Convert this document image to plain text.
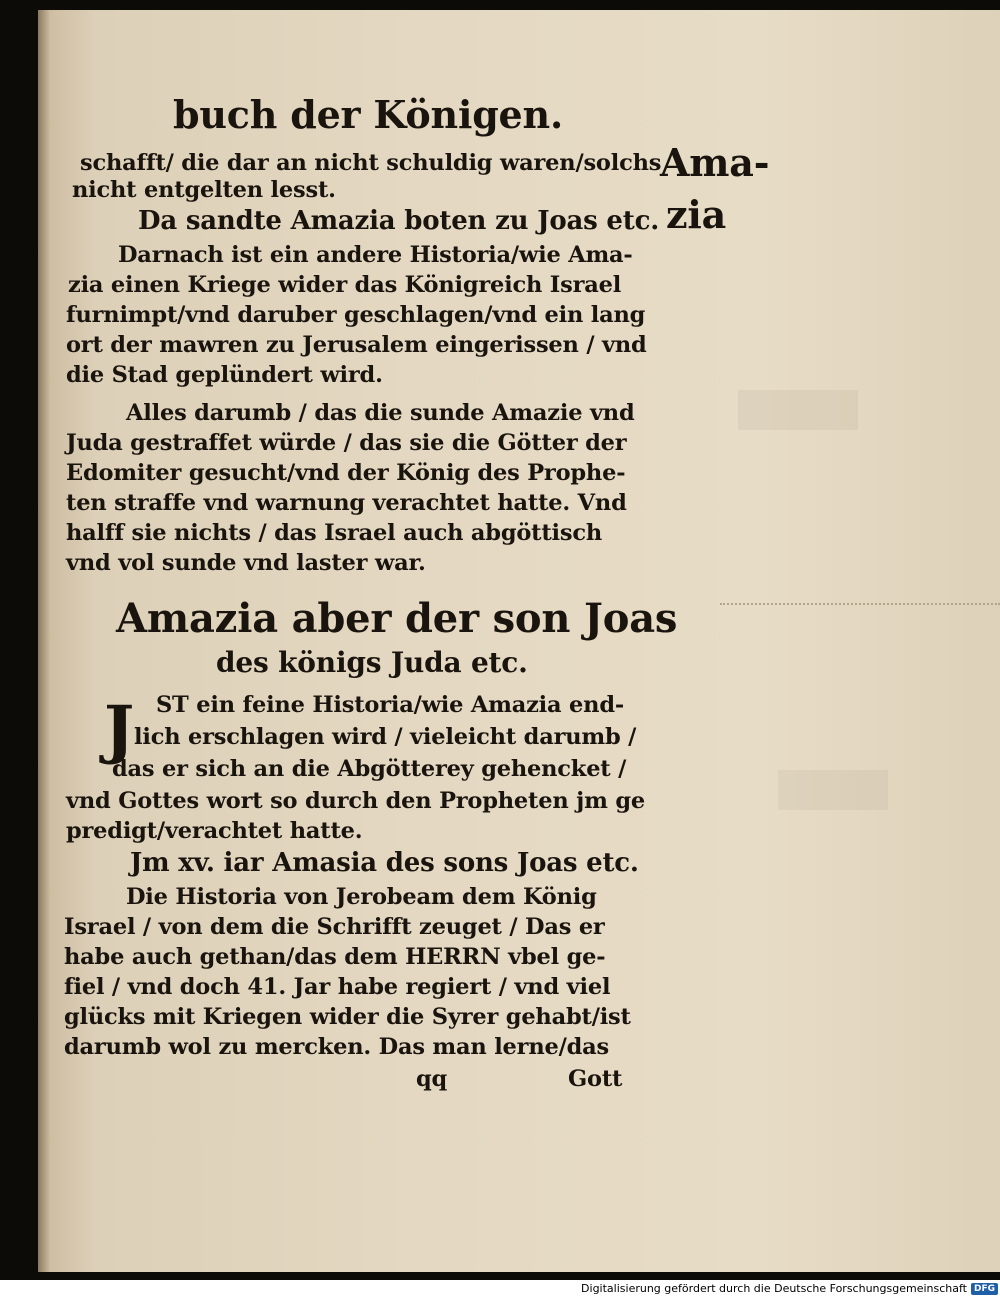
buch der Königen.
Ama-
zia
schafft/ die dar an nicht schuldig waren/solchs
nicht entgelten lesst.
Da sandte Amazia boten zu Joas etc.
Darnach ist ein andere Historia/wie Ama-
zia einen Kriege wider das Königreich Israel
furnimpt/vnd daruber geschlagen/vnd ein lang
ort der mawren zu Jerusalem eingerissen / vnd
die Stad geplündert wird.
Alles darumb / das die sunde Amazie vnd
Juda gestraffet würde / das sie die Götter der
Edomiter gesucht/vnd der König des Prophe-
ten straffe vnd warnung verachtet hatte. Vnd
halff sie nichts / das Israel auch abgöttisch
vnd vol sunde vnd laster war.
Amazia aber der son Joas
des königs Juda etc.
J ST ein feine Historia/wie Amazia end-
lich erschlagen wird / vieleicht darumb /
das er sich an die Abgötterey gehencket /
vnd Gottes wort so durch den Propheten jm ge
predigt/verachtet hatte.
Jm xv. iar Amasia des sons Joas etc.
Die Historia von Jerobeam dem König
Israel / von dem die Schrifft zeuget / Das er
habe auch gethan/das dem HERRN vbel ge-
fiel / vnd doch 41. Jar habe regiert / vnd viel
glücks mit Kriegen wider die Syrer gehabt/ist
darumb wol zu mercken. Das man lerne/das
qq	Gott
Digitalisierung gefördert durch die Deutsche Forschungsgemeinschaft DFG
